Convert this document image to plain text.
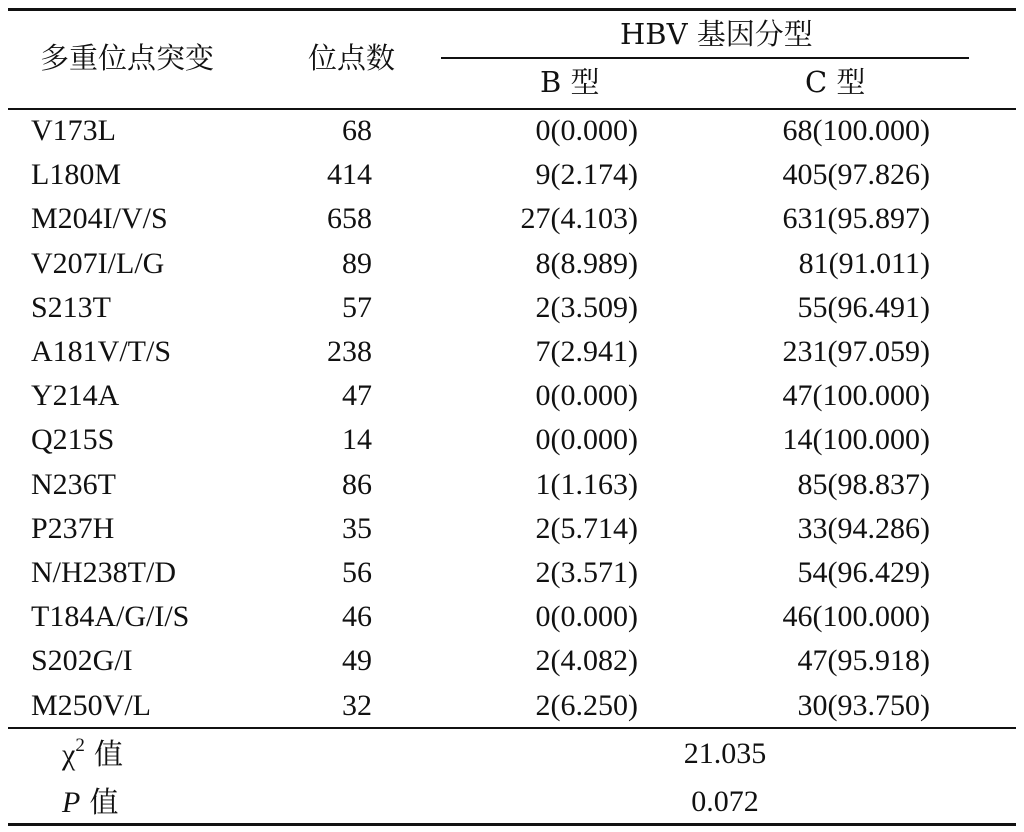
多重位点突变	位点数
HBV 基因分型
B 型	C 型
V173L	68	0(0.000)	68(100.000)
L180M	414	9(2.174)	405(97.826)
M204I/V/S	658	27(4.103)	631(95.897)
V207I/L/G	89	8(8.989)	81(91.011)
S213T	57	2(3.509)	55(96.491)
A181V/T/S	238	7(2.941)	231(97.059)
Y214A	47	0(0.000)	47(100.000)
Q215S	14	0(0.000)	14(100.000)
N236T	86	1(1.163)	85(98.837)
P237H	35	2(5.714)	33(94.286)
N/H238T/D	56	2(3.571)	54(96.429)
T184A/G/I/S	46	0(0.000)	46(100.000)
S202G/I	49	2(4.082)	47(95.918)
M250V/L	32	2(6.250)	30(93.750)
$\chi^2$ 值	21.035
P 值	0.072
